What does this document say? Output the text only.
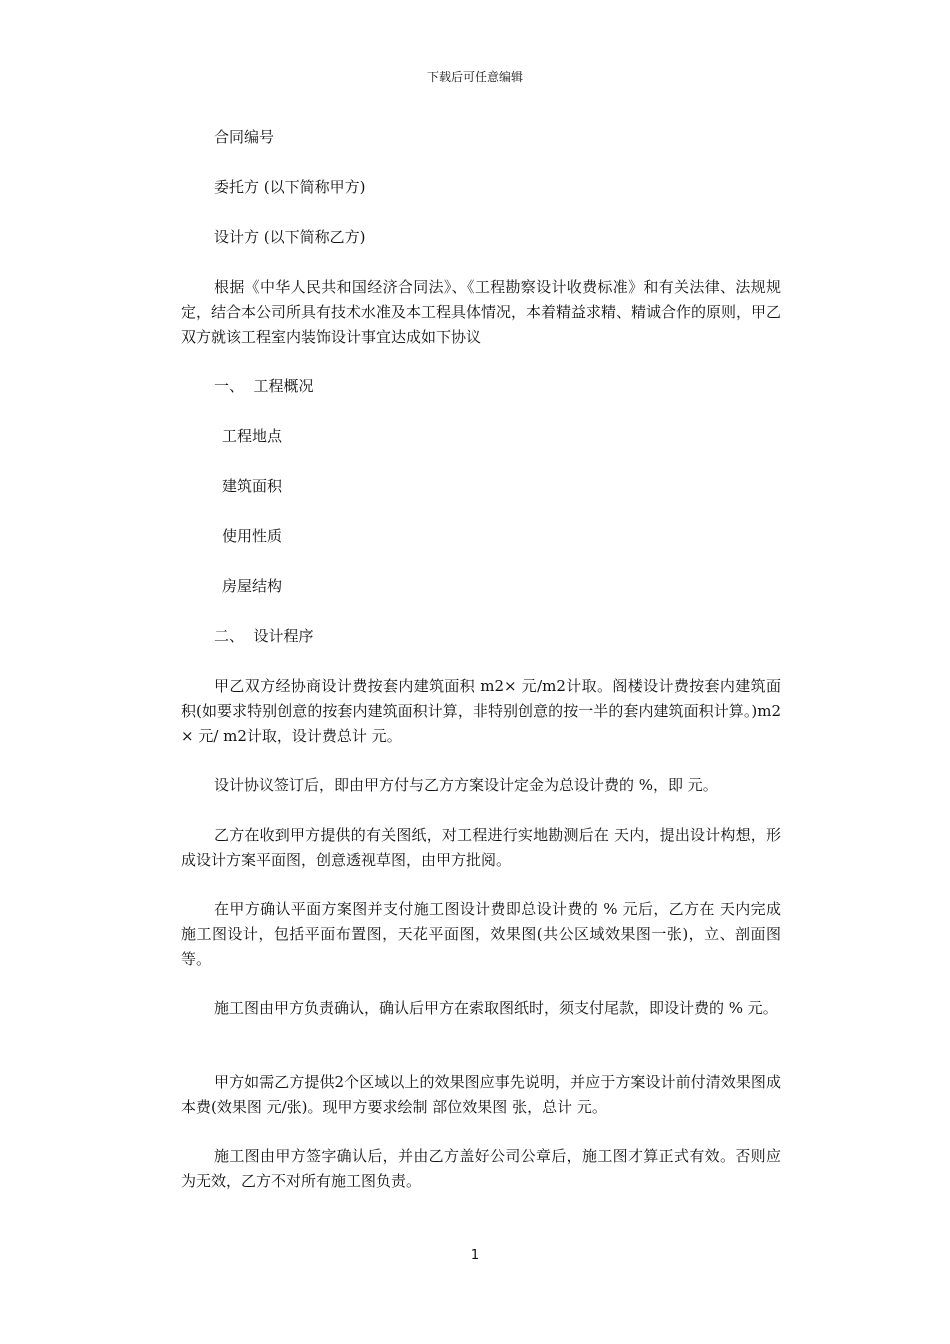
下载后可任意编辑
合同编号
委托方 (以下简称甲方)
设计方 (以下简称乙方)
根据《中华人民共和国经济合同法》、《工程勘察设计收费标准》和有关法律、法规规定，结合本公司所具有技术水准及本工程具体情况，本着精益求精、精诚合作的原则，甲乙双方就该工程室内装饰设计事宜达成如下协议
一、  工程概况
工程地点
建筑面积
使用性质
房屋结构
二、  设计程序
甲乙双方经协商设计费按套内建筑面积 m2× 元/m2计取。阁楼设计费按套内建筑面积(如要求特别创意的按套内建筑面积计算，非特别创意的按一半的套内建筑面积计算。)m2× 元/ m2计取，设计费总计 元。
设计协议签订后，即由甲方付与乙方方案设计定金为总设计费的 %，即 元。
乙方在收到甲方提供的有关图纸，对工程进行实地勘测后在 天内，提出设计构想，形成设计方案平面图，创意透视草图，由甲方批阅。
在甲方确认平面方案图并支付施工图设计费即总设计费的 % 元后，乙方在 天内完成施工图设计，包括平面布置图，天花平面图，效果图(共公区域效果图一张)，立、剖面图等。
施工图由甲方负责确认，确认后甲方在索取图纸时，须支付尾款，即设计费的 % 元。
甲方如需乙方提供2个区域以上的效果图应事先说明，并应于方案设计前付清效果图成本费(效果图 元/张)。现甲方要求绘制 部位效果图 张，总计 元。
施工图由甲方签字确认后，并由乙方盖好公司公章后，施工图才算正式有效。否则应为无效，乙方不对所有施工图负责。
1
